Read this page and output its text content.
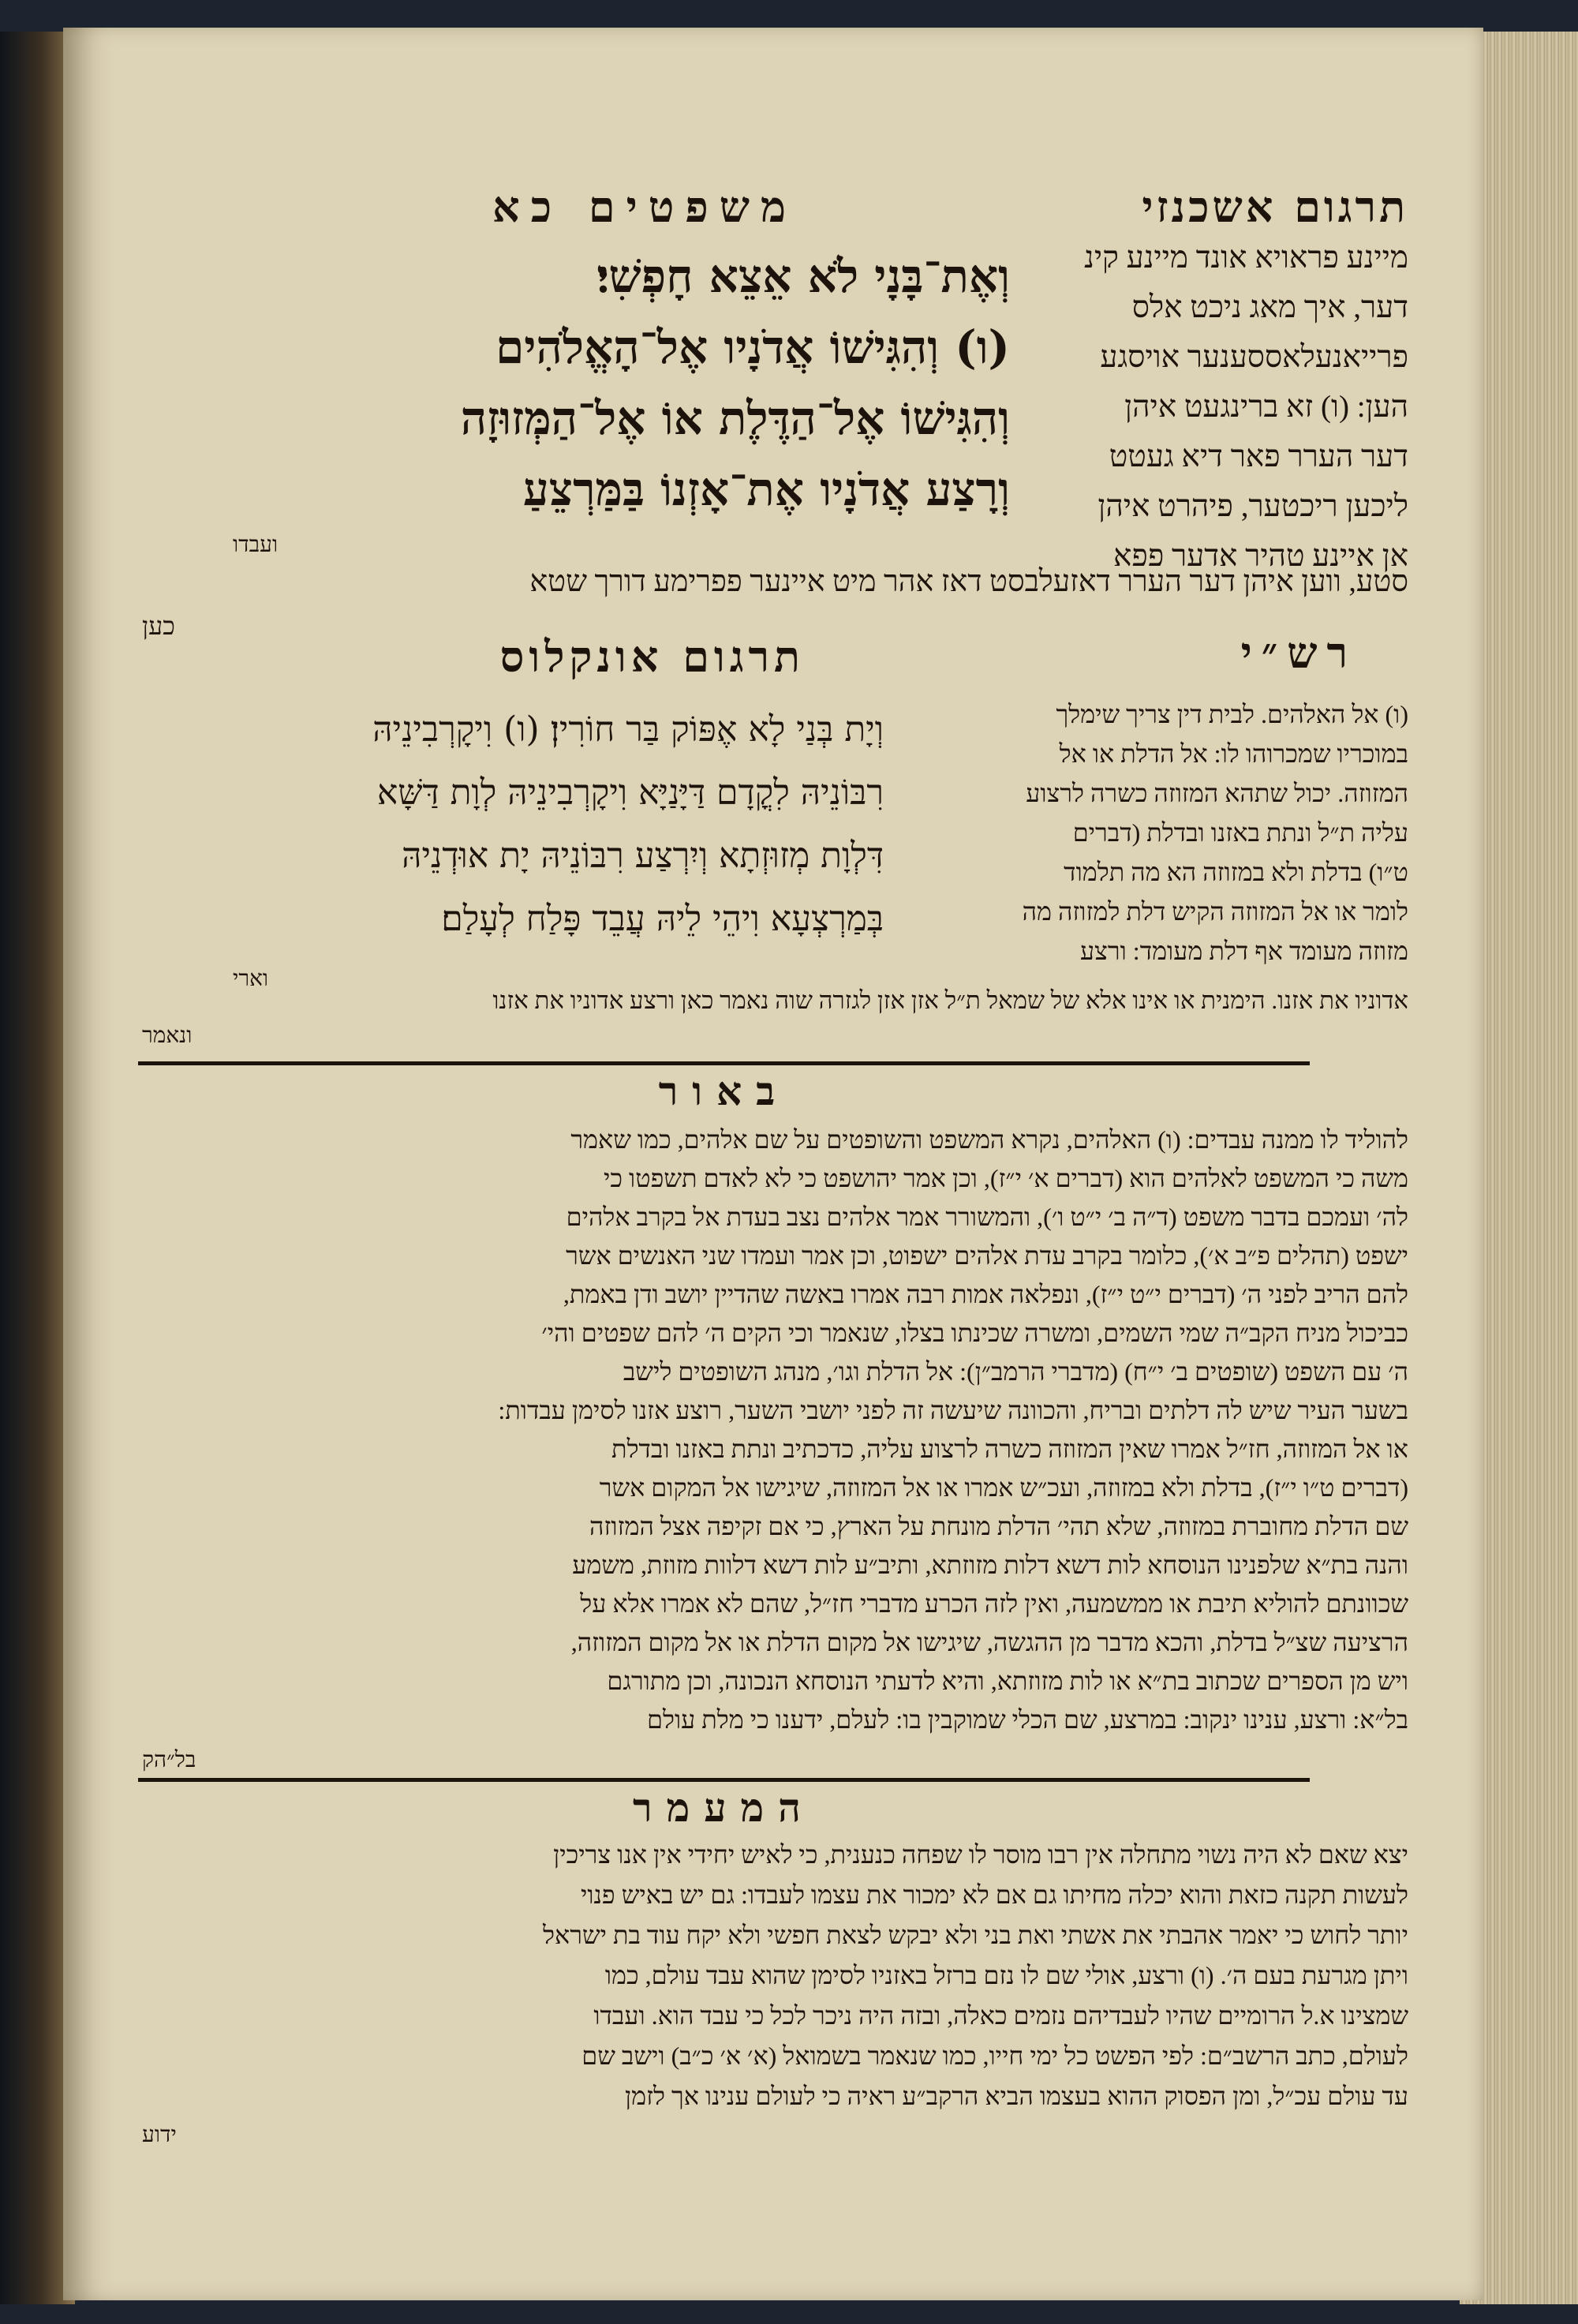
תרגום אשכנזי
משפטים כא
מיינע פראויא אונד מיינע קינ
דער, איך מאג ניכט אלס
פרייאנעלאססענער אויסגע
הען: (ו) זא ברינגעט איהן
דער הערר פאר דיא געטט
ליכען ריכטער, פיהרט איהן
אן איינע טהיר אדער פפא
וְאֶת־בָּנָי לֹא אֵצֵא חָפְשִׁי׃
(ו) וְהִגִּישׁוֹ אֲדֹנָיו אֶל־הָאֱלֹהִים
וְהִגִּישׁוֹ אֶל־הַדֶּלֶת אוֹ אֶל־הַמְּזוּזָה
וְרָצַע אֲדֹנָיו אֶת־אָזְנוֹ בַּמַּרְצֵעַ
ועבדו
סטע, ווען איהן דער הערר דאזעלבסט דאז אהר מיט איינער פפרימע דורך שטא
כען
רש״י
תרגום אונקלוס
(ו) אל האלהים. לבית דין צריך שימלך
במוכריו שמכרוהו לו: אל הדלת או אל
המזוזה. יכול שתהא המזוזה כשרה לרצוע
עליה ת״ל ונתת באזנו ובדלת (דברים
ט״ו) בדלת ולא במזוזה הא מה תלמוד
לומר או אל המזוזה הקיש דלת למזוזה מה
מזוזה מעומד אף דלת מעומד: ורצע
וְיָת בְּנַי לָא אֶפּוֹק בַּר חוֹרִין׃ (ו) וִיקָרְבִינֵיהּ
רִבּוֹנֵיהּ לִקֳדָם דַּיָּנַיָּא וִיקָרְבִינֵיהּ לְוָת דַּשָּׁא
דִּלְוָת מְזוּזְתָא וְיִרְצַע רִבּוֹנֵיהּ יָת אוּדְנֵיהּ
בְּמַרְצְעָא וִיהֵי לֵיהּ עֲבֵד פָּלַח לְעָלַם׃
וארי
אדוניו את אזנו. הימנית או אינו אלא של שמאל ת״ל אזן אזן לגזרה שוה נאמר כאן ורצע אדוניו את אזנו
ונאמר
באור
להוליד לו ממנה עבדים: (ו) האלהים, נקרא המשפט והשופטים על שם אלהים, כמו שאמר
משה כי המשפט לאלהים הוא (דברים א׳ י״ז), וכן אמר יהושפט כי לא לאדם תשפטו כי
לה׳ ועמכם בדבר משפט (ד״ה ב׳ י״ט ו׳), והמשורר אמר אלהים נצב בעדת אל בקרב אלהים
ישפט (תהלים פ״ב א׳), כלומר בקרב עדת אלהים ישפוט, וכן אמר ועמדו שני האנשים אשר
להם הריב לפני ה׳ (דברים י״ט י״ז), ונפלאה אמות רבה אמרו באשה שהדיין יושב ודן באמת,
כביכול מניח הקב״ה שמי השמים, ומשרה שכינתו בצלו, שנאמר וכי הקים ה׳ להם שפטים והי׳
ה׳ עם השפט (שופטים ב׳ י״ח) (מדברי הרמב״ן): אל הדלת וגו׳, מנהג השופטים לישב
בשער העיר שיש לה דלתים ובריח, והכוונה שיעשה זה לפני יושבי השער, רוצע אזנו לסימן עבדות:
או אל המזוזה, חז״ל אמרו שאין המזוזה כשרה לרצוע עליה, כדכתיב ונתת באזנו ובדלת
(דברים ט״ו י״ז), בדלת ולא במזוזה, ועכ״ש אמרו או אל המזוזה, שיגישו אל המקום אשר
שם הדלת מחוברת במזוזה, שלא תהי׳ הדלת מונחת על הארץ, כי אם זקיפה אצל המזוזה
והנה בת״א שלפנינו הנוסחא לות דשא דלות מזוזתא, ותיב״ע לות דשא דלוות מזוזת, משמע
שכוונתם להוליא תיבת או ממשמעה, ואין לזה הכרע מדברי חז״ל, שהם לא אמרו אלא על
הרציעה שצ״ל בדלת, והכא מדבר מן ההגשה, שיגישו אל מקום הדלת או אל מקום המזוזה,
ויש מן הספרים שכתוב בת״א או לות מזוזתא, והיא לדעתי הנוסחא הנכונה, וכן מתורגם
בל״א: ורצע, ענינו ינקוב: במרצע, שם הכלי שמוקבין בו: לעלם, ידענו כי מלת עולם
בל״הק
המעמר
יצא שאם לא היה נשוי מתחלה אין רבו מוסר לו שפחה כנענית, כי לאיש יחידי אין אנו צריכין
לעשות תקנה כזאת והוא יכלה מחיתו גם אם לא ימכור את עצמו לעבדו: גם יש באיש פנוי
יותר לחוש כי יאמר אהבתי את אשתי ואת בני ולא יבקש לצאת חפשי ולא יקח עוד בת ישראל
ויתן מגרעת בעם ה׳. (ו) ורצע, אולי שם לו נזם ברזל באזניו לסימן שהוא עבד עולם, כמו
שמצינו א.ל הרומיים שהיו לעבדיהם נזמים כאלה, ובזה היה ניכר לכל כי עבד הוא. ועבדו
לעולם, כתב הרשב״ם: לפי הפשט כל ימי חייו, כמו שנאמר בשמואל (א׳ א׳ כ״ב) וישב שם
עד עולם עכ״ל, ומן הפסוק ההוא בעצמו הביא הרקב״ע ראיה כי לעולם ענינו אך לזמן
ידוע
